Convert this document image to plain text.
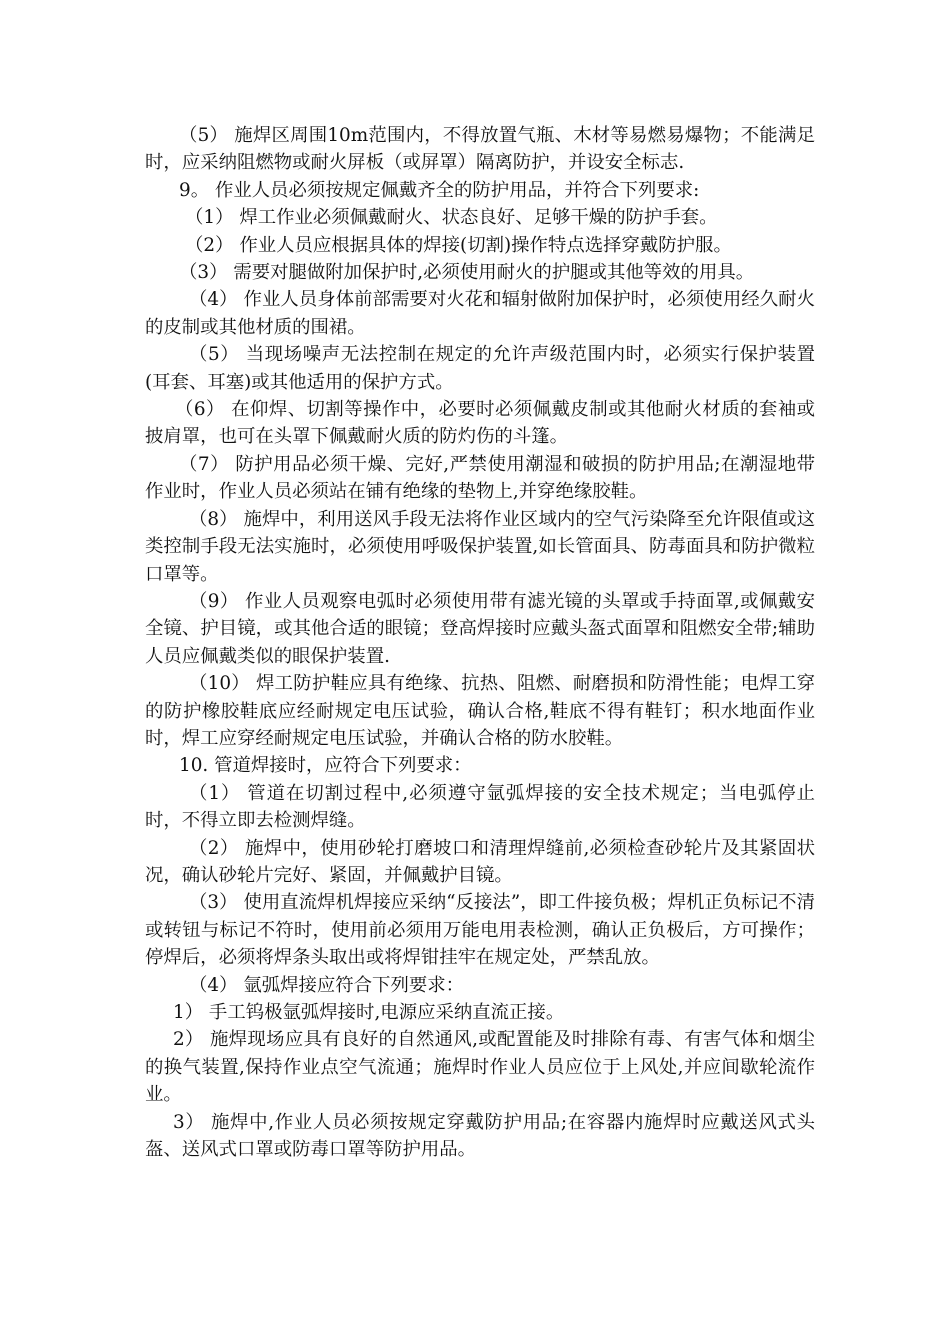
（5） 施焊区周围10m范围内，不得放置气瓶、木材等易燃易爆物；不能满足时，应采纳阻燃物或耐火屏板（或屏罩）隔离防护，并设安全标志.

9。 作业人员必须按规定佩戴齐全的防护用品，并符合下列要求:

（1） 焊工作业必须佩戴耐火、状态良好、足够干燥的防护手套。

（2） 作业人员应根据具体的焊接(切割)操作特点选择穿戴防护服。

（3） 需要对腿做附加保护时,必须使用耐火的护腿或其他等效的用具。

（4） 作业人员身体前部需要对火花和辐射做附加保护时，必须使用经久耐火的皮制或其他材质的围裙。

（5） 当现场噪声无法控制在规定的允许声级范围内时，必须实行保护装置(耳套、耳塞)或其他适用的保护方式。

（6） 在仰焊、切割等操作中，必要时必须佩戴皮制或其他耐火材质的套袖或披肩罩，也可在头罩下佩戴耐火质的防灼伤的斗篷。

（7） 防护用品必须干燥、完好,严禁使用潮湿和破损的防护用品;在潮湿地带作业时，作业人员必须站在铺有绝缘的垫物上,并穿绝缘胶鞋。

（8） 施焊中，利用送风手段无法将作业区域内的空气污染降至允许限值或这类控制手段无法实施时，必须使用呼吸保护装置,如长管面具、防毒面具和防护微粒口罩等。

（9） 作业人员观察电弧时必须使用带有滤光镜的头罩或手持面罩,或佩戴安全镜、护目镜，或其他合适的眼镜；登高焊接时应戴头盔式面罩和阻燃安全带;辅助人员应佩戴类似的眼保护装置.

（10） 焊工防护鞋应具有绝缘、抗热、阻燃、耐磨损和防滑性能；电焊工穿的防护橡胶鞋底应经耐规定电压试验，确认合格,鞋底不得有鞋钉；积水地面作业时，焊工应穿经耐规定电压试验，并确认合格的防水胶鞋。

10. 管道焊接时，应符合下列要求：

（1） 管道在切割过程中,必须遵守氩弧焊接的安全技术规定；当电弧停止时，不得立即去检测焊缝。

（2） 施焊中，使用砂轮打磨坡口和清理焊缝前,必须检查砂轮片及其紧固状况，确认砂轮片完好、紧固，并佩戴护目镜。

（3） 使用直流焊机焊接应采纳“反接法”，即工件接负极；焊机正负标记不清或转钮与标记不符时，使用前必须用万能电用表检测，确认正负极后，方可操作；停焊后，必须将焊条头取出或将焊钳挂牢在规定处，严禁乱放。

（4） 氩弧焊接应符合下列要求：

1） 手工钨极氩弧焊接时,电源应采纳直流正接。

2） 施焊现场应具有良好的自然通风,或配置能及时排除有毒、有害气体和烟尘的换气装置,保持作业点空气流通；施焊时作业人员应位于上风处,并应间歇轮流作业。

3） 施焊中,作业人员必须按规定穿戴防护用品;在容器内施焊时应戴送风式头盔、送风式口罩或防毒口罩等防护用品。
